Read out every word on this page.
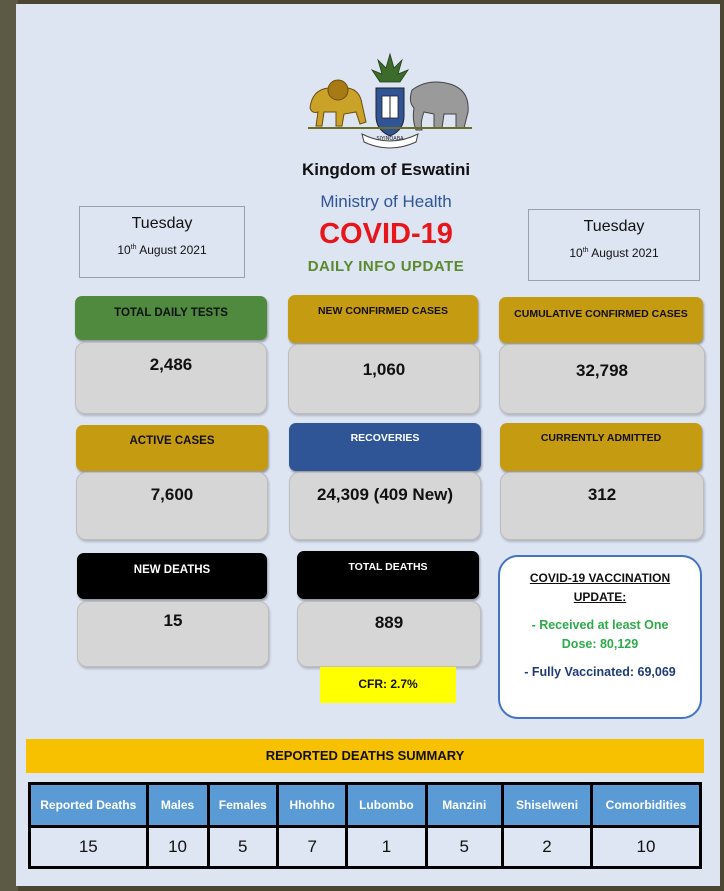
SIYINQABA
Kingdom of Eswatini
Ministry of Health
COVID-19
DAILY INFO UPDATE
Tuesday
10th August 2021
Tuesday
10th August 2021
TOTAL DAILY TESTS
2,486
NEW CONFIRMED CASES
1,060
CUMULATIVE CONFIRMED CASES
32,798
ACTIVE CASES
7,600
RECOVERIES
24,309 (409 New)
CURRENTLY ADMITTED
312
NEW DEATHS
15
TOTAL DEATHS
889
CFR: 2.7%
COVID-19 VACCINATION
UPDATE:
- Received at least One
Dose: 80,129
- Fully Vaccinated: 69,069
REPORTED DEATHS SUMMARY
Reported Deaths	Males	Females	Hhohho	Lubombo	Manzini	Shiselweni	Comorbidities
15	10	5	7	1	5	2	10
